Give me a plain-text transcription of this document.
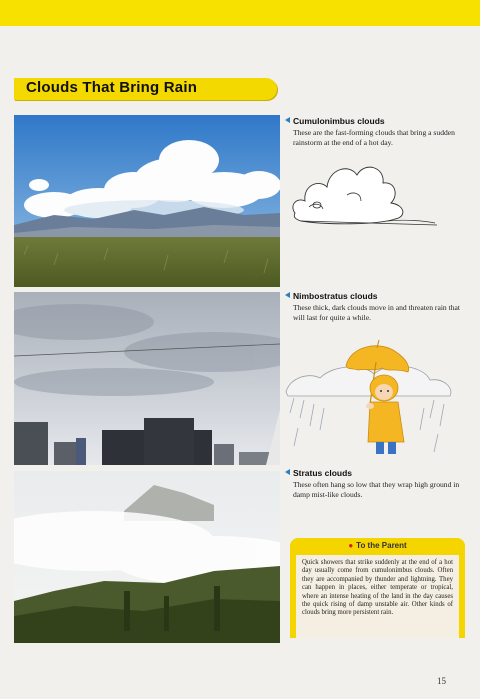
Clouds That Bring Rain
Cumulonimbus clouds
These are the fast-forming clouds that bring a sudden rainstorm at the end of a hot day.
Nimbostratus clouds
These thick, dark clouds move in and threaten rain that will last for quite a while.
Stratus clouds
These often hang so low that they wrap high ground in damp mist-like clouds.
● To the Parent
Quick showers that strike suddenly at the end of a hot day usually come from cumulonimbus clouds. Often they are accompanied by thunder and lightning. They can happen in places, either temperate or tropical, where an intense heating of the land in the day causes the quick rising of damp unstable air. Other kinds of clouds bring more persistent rain.
15
